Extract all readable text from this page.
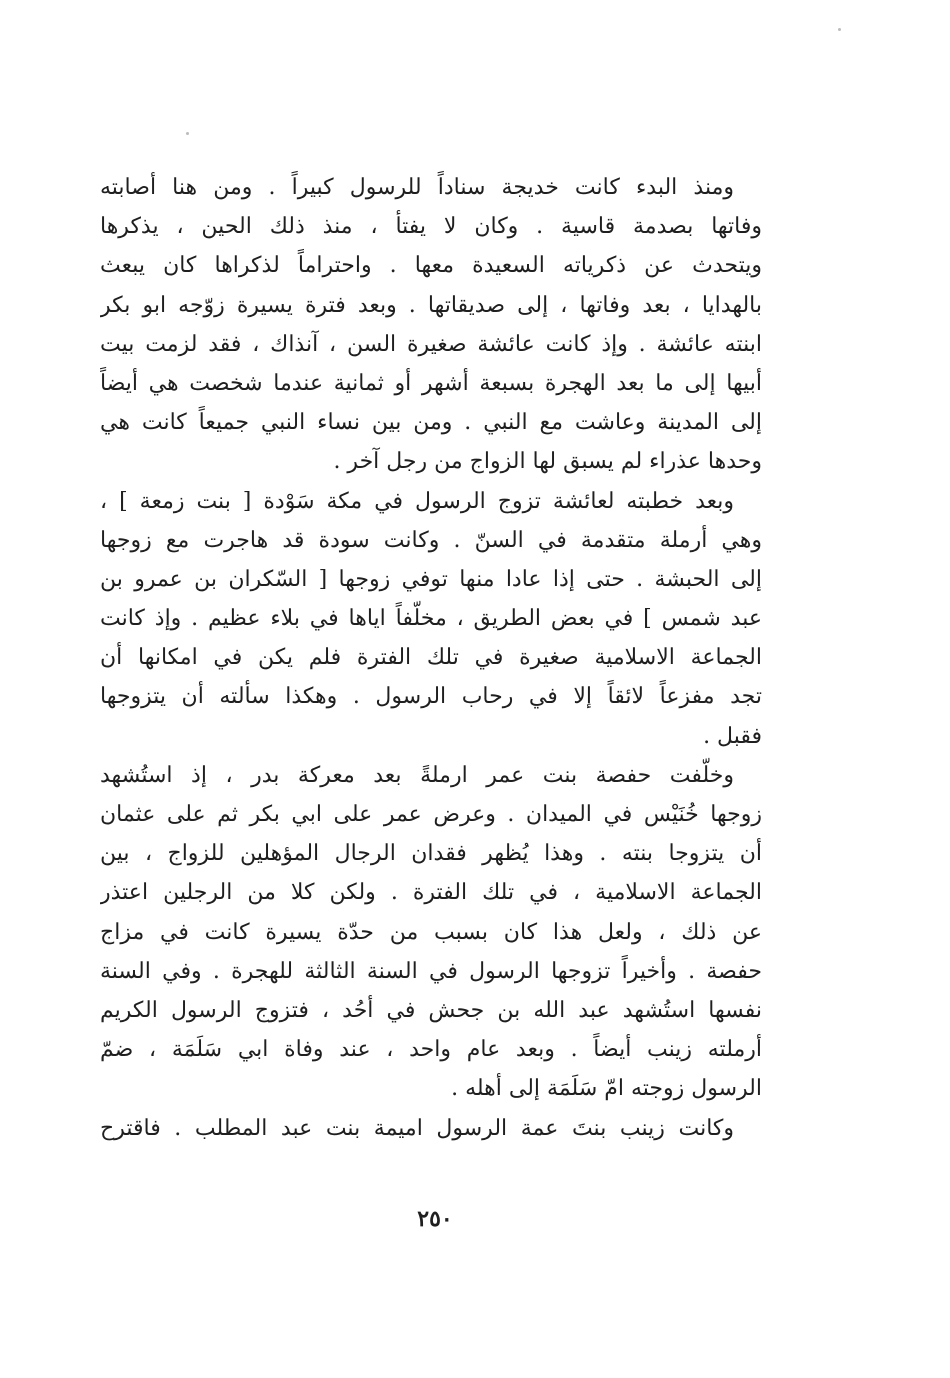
ومنذ البدء كانت خديجة سناداً للرسول كبيراً . ومن هنا أصابته
وفاتها بصدمة قاسية . وكان لا يفتأ ، منذ ذلك الحين ، يذكرها
ويتحدث عن ذكرياته السعيدة معها . واحتراماً لذكراها كان يبعث
بالهدايا ، بعد وفاتها ، إلى صديقاتها . وبعد فترة يسيرة زوّجه ابو بكر
ابنته عائشة . وإذ كانت عائشة صغيرة السن ، آنذاك ، فقد لزمت بيت
أبيها إلى ما بعد الهجرة بسبعة أشهر أو ثمانية عندما شخصت هي أيضاً
إلى المدينة وعاشت مع النبي . ومن بين نساء النبي جميعاً كانت هي
وحدها عذراء لم يسبق لها الزواج من رجل آخر .
وبعد خطبته لعائشة تزوج الرسول في مكة سَوْدة [ بنت زمعة ] ،
وهي أرملة متقدمة في السنّ . وكانت سودة قد هاجرت مع زوجها
إلى الحبشة . حتى إذا عادا منها توفي زوجها [ السّكران بن عمرو بن
عبد شمس ] في بعض الطريق ، مخلّفاً اياها في بلاء عظيم . وإذ كانت
الجماعة الاسلامية صغيرة في تلك الفترة فلم يكن في امكانها أن
تجد مفزعاً لائقاً إلا في رحاب الرسول . وهكذا سألته أن يتزوجها
فقبل .
وخلّفت حفصة بنت عمر ارملةً بعد معركة بدر ، إذ استُشهد
زوجها خُنَيْس في الميدان . وعرض عمر على ابي بكر ثم على عثمان
أن يتزوجا بنته . وهذا يُظهر فقدان الرجال المؤهلين للزواج ، بين
الجماعة الاسلامية ، في تلك الفترة . ولكن كلا من الرجلين اعتذر
عن ذلك ، ولعل هذا كان بسبب من حدّة يسيرة كانت في مزاج
حفصة . وأخيراً تزوجها الرسول في السنة الثالثة للهجرة . وفي السنة
نفسها استُشهد عبد الله بن جحش في أحُد ، فتزوج الرسول الكريم
أرملته زينب أيضاً . وبعد عام واحد ، عند وفاة ابي سَلَمَة ، ضمّ
الرسول زوجته امّ سَلَمَة إلى أهله .
وكانت زينب بنتَ عمة الرسول اميمة بنت عبد المطلب . فاقترح
٢٥٠
